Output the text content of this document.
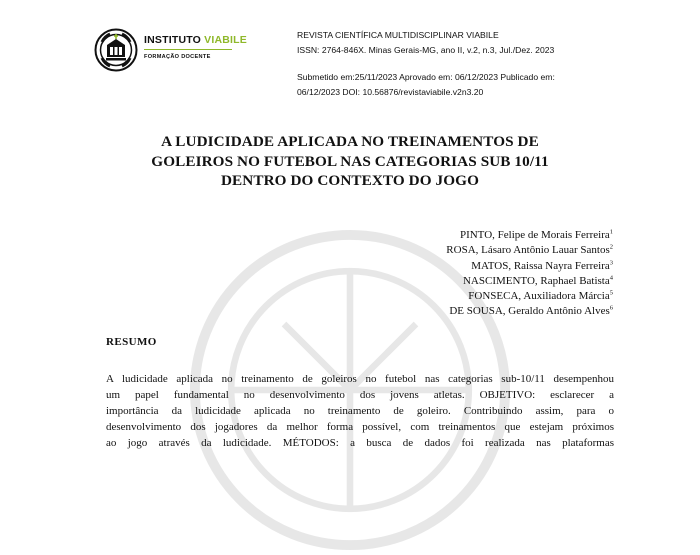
INSTITUTO VIABILE
FORMAÇÃO DOCENTE
REVISTA CIENTÍFICA MULTIDISCIPLINAR VIABILE
ISSN: 2764-846X. Minas Gerais-MG, ano II, v.2, n.3, Jul./Dez. 2023
Submetido em:25/11/2023 Aprovado em: 06/12/2023 Publicado em:
06/12/2023 DOI: 10.56876/revistaviabile.v2n3.20
A LUDICIDADE APLICADA NO TREINAMENTOS DE
GOLEIROS NO FUTEBOL NAS CATEGORIAS SUB 10/11
DENTRO DO CONTEXTO DO JOGO
PINTO, Felipe de Morais Ferreira$^1$
ROSA, Lásaro Antônio Lauar Santos$^2$
MATOS, Raissa Nayra Ferreira$^3$
NASCIMENTO, Raphael Batista$^4$
FONSECA, Auxiliadora Márcia$^5$
DE SOUSA, Geraldo Antônio Alves$^6$
RESUMO
A ludicidade aplicada no treinamento de goleiros no futebol nas categorias sub-10/11 desempenhou
um papel fundamental no desenvolvimento dos jovens atletas. OBJETIVO: esclarecer a
importância da ludicidade aplicada no treinamento de goleiro. Contribuindo assim, para o
desenvolvimento dos jogadores da melhor forma possível, com treinamentos que estejam próximos
ao jogo através da ludicidade. MÉTODOS: a busca de dados foi realizada nas plataformas
